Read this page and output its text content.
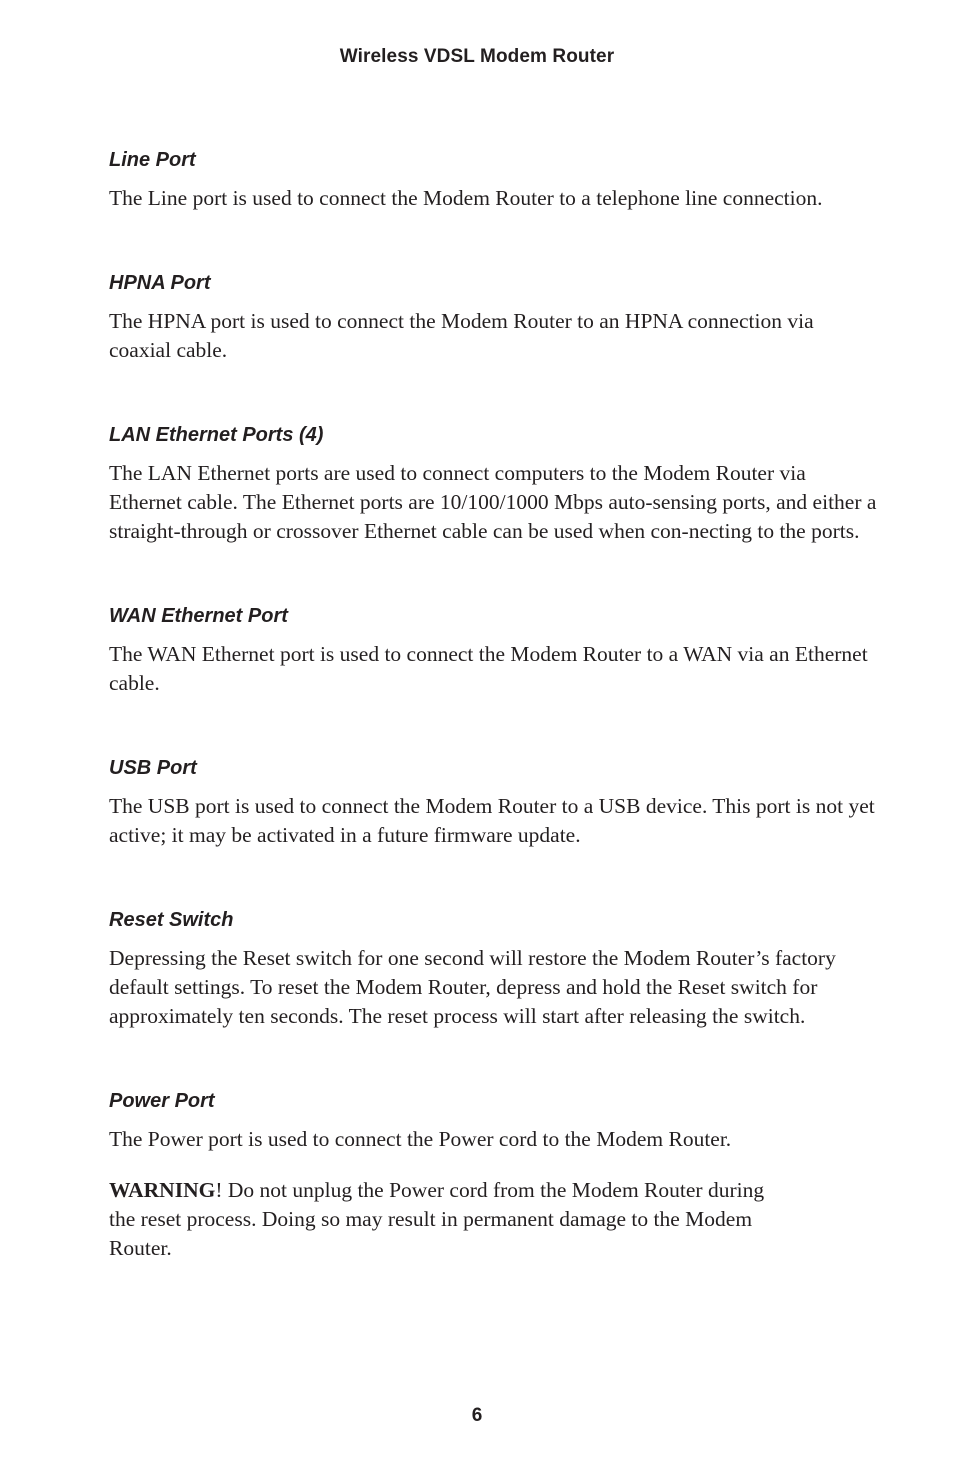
Wireless VDSL Modem Router
Line Port

The Line port is used to connect the Modem Router to a telephone line connection.

HPNA Port

The HPNA port is used to connect the Modem Router to an HPNA connection via coaxial cable.

LAN Ethernet Ports (4)

The LAN Ethernet ports are used to connect computers to the Modem Router via Ethernet cable. The Ethernet ports are 10/100/1000 Mbps auto-sensing ports, and either a straight-through or crossover Ethernet cable can be used when con-necting to the ports.

WAN Ethernet Port

The WAN Ethernet port is used to connect the Modem Router to a WAN via an Ethernet cable.

USB Port

The USB port is used to connect the Modem Router to a USB device. This port is not yet active; it may be activated in a future firmware update.

Reset Switch

Depressing the Reset switch for one second will restore the Modem Router’s factory default settings. To reset the Modem Router, depress and hold the Reset switch for approximately ten seconds. The reset process will start after releasing the switch.

Power Port

The Power port is used to connect the Power cord to the Modem Router.

WARNING! Do not unplug the Power cord from the Modem Router during the reset process. Doing so may result in permanent damage to the Modem Router.

6
